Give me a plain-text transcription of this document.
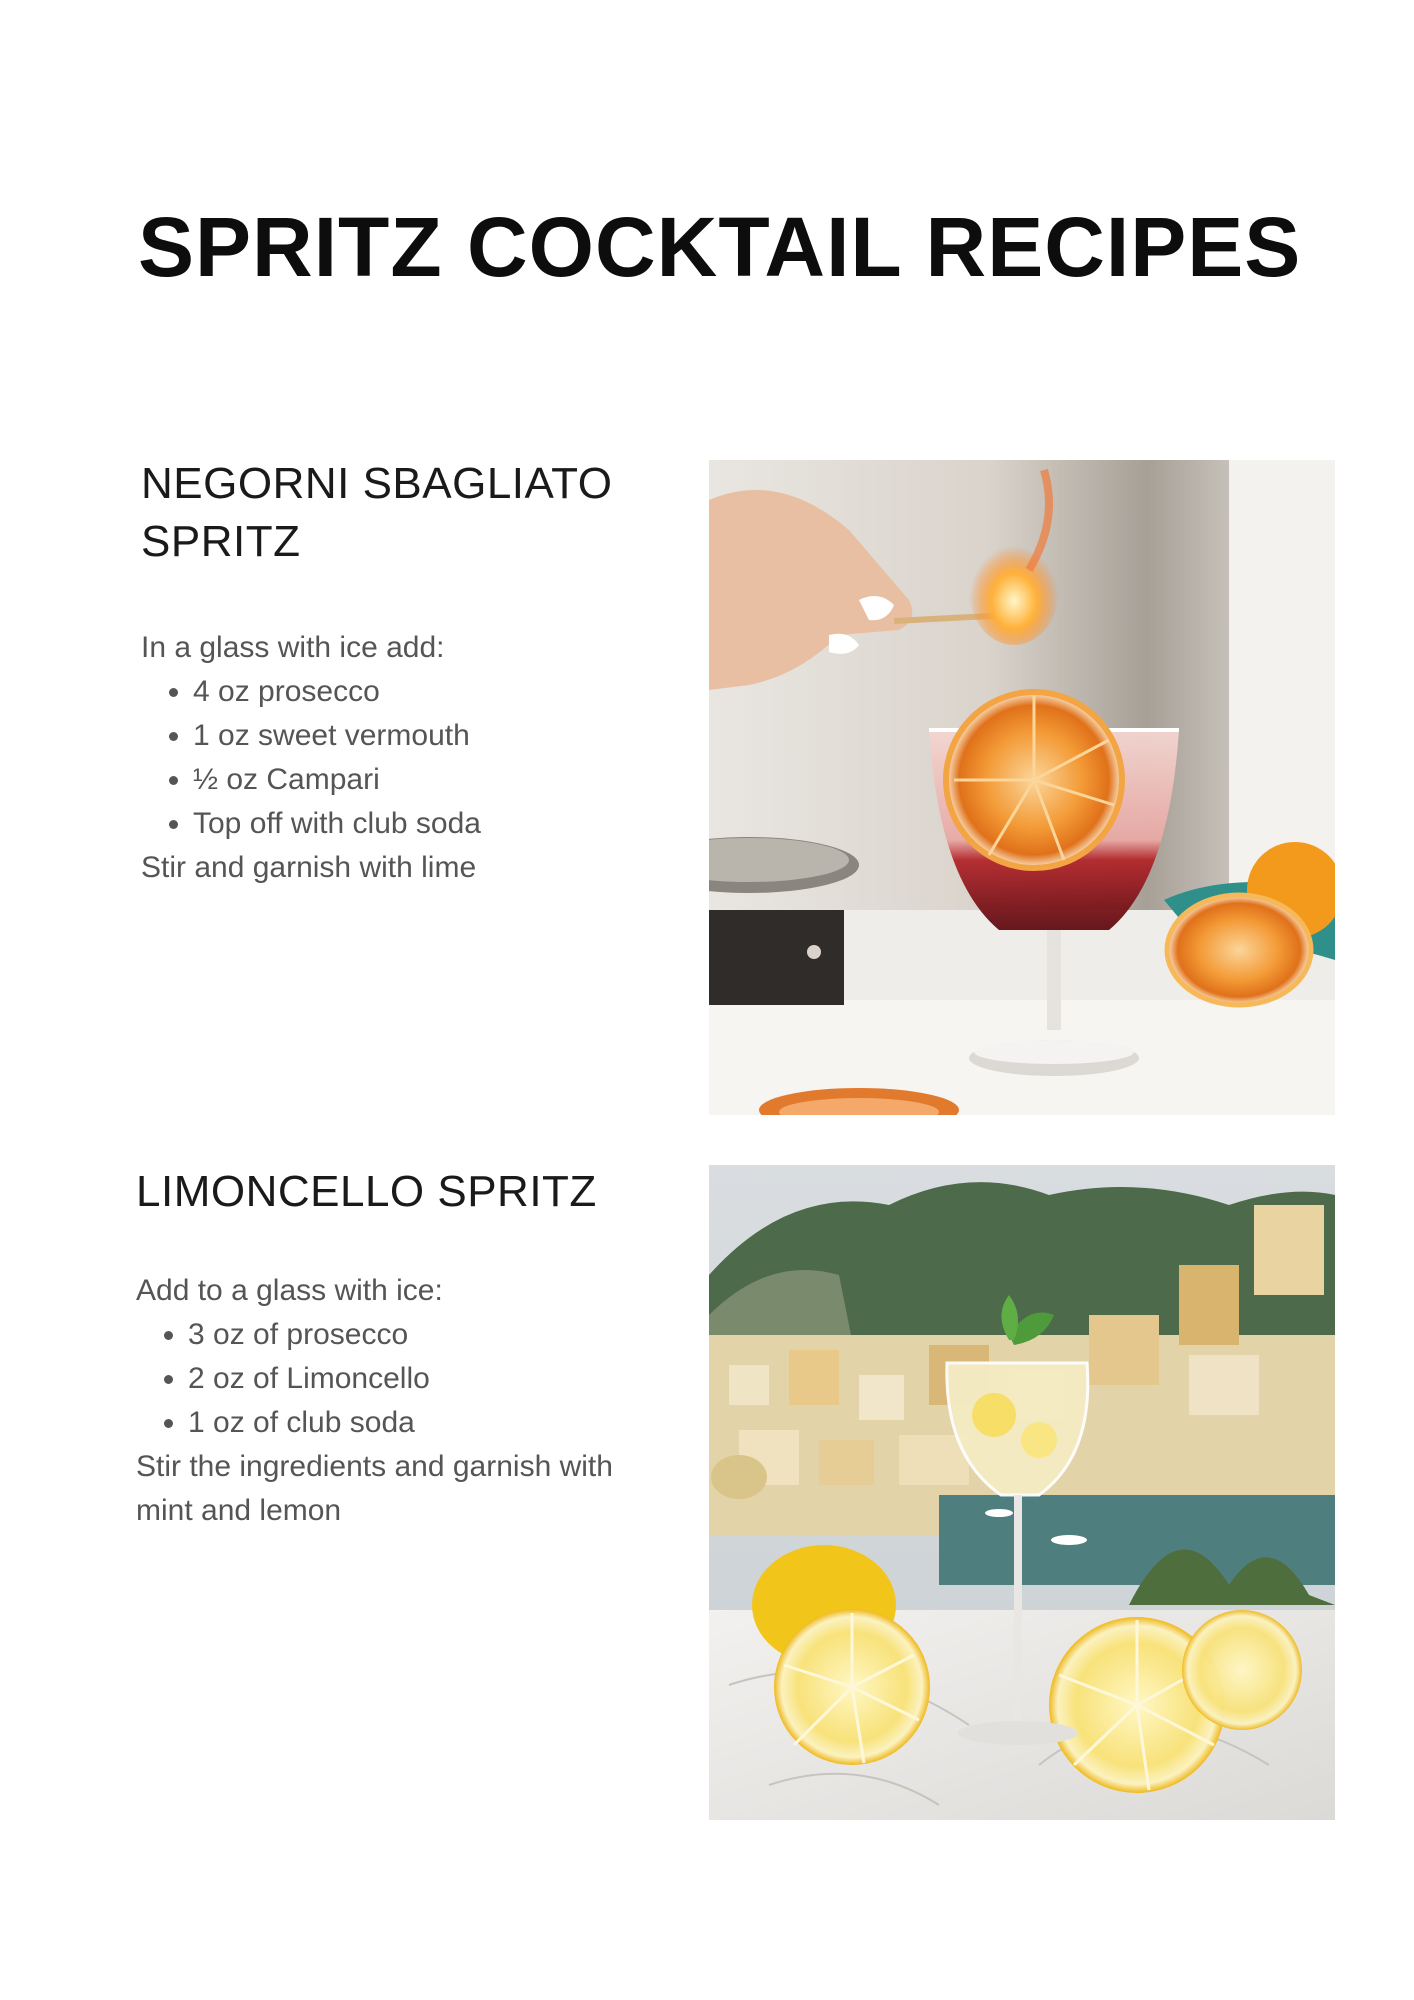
SPRITZ COCKTAIL RECIPES
NEGORNI SBAGLIATO SPRITZ

In a glass with ice add:

• 4 oz prosecco
• 1 oz sweet vermouth
• ½ oz Campari
• Top off with club soda

Stir and garnish with lime

LIMONCELLO SPRITZ

Add to a glass with ice:

• 3 oz of prosecco
• 2 oz of Limoncello
• 1 oz of club soda

Stir the ingredients and garnish with mint and lemon
